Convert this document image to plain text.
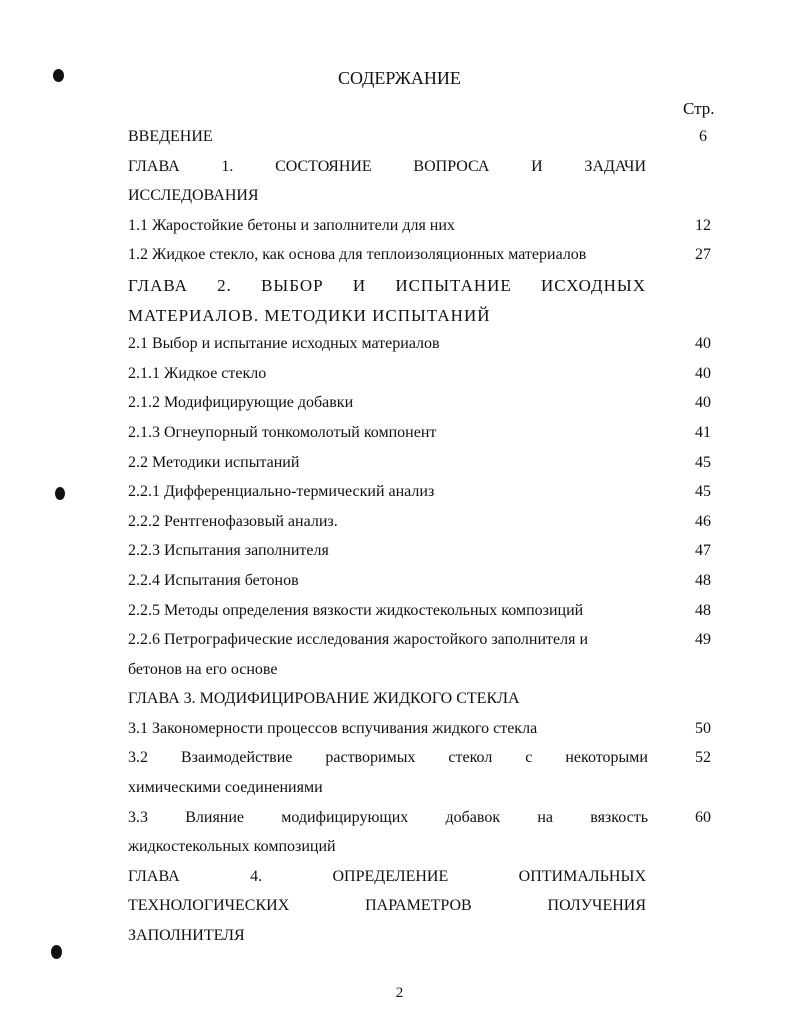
СОДЕРЖАНИЕ
Стр.
ВВЕДЕНИЕ	6
ГЛАВА 1. СОСТОЯНИЕ ВОПРОСА И ЗАДАЧИ
ИССЛЕДОВАНИЯ
1.1 Жаростойкие бетоны и заполнители для них	12
1.2 Жидкое стекло, как основа для теплоизоляционных материалов	27
ГЛАВА 2. ВЫБОР И ИСПЫТАНИЕ ИСХОДНЫХ
МАТЕРИАЛОВ. МЕТОДИКИ ИСПЫТАНИЙ
2.1 Выбор и испытание исходных материалов	40
2.1.1 Жидкое стекло	40
2.1.2 Модифицирующие добавки	40
2.1.3 Огнеупорный тонкомолотый компонент	41
2.2 Методики испытаний	45
2.2.1 Дифференциально-термический анализ	45
2.2.2 Рентгенофазовый анализ.	46
2.2.3 Испытания заполнителя	47
2.2.4 Испытания бетонов	48
2.2.5 Методы определения вязкости жидкостекольных композиций	48
2.2.6 Петрографические исследования жаростойкого заполнителя и	49
бетонов на его основе
ГЛАВА 3. МОДИФИЦИРОВАНИЕ ЖИДКОГО СТЕКЛА
3.1 Закономерности процессов вспучивания жидкого стекла	50
3.2 Взаимодействие растворимых стекол с некоторыми	52
химическими соединениями
3.3 Влияние модифицирующих добавок на вязкость	60
жидкостекольных композиций
ГЛАВА 4. ОПРЕДЕЛЕНИЕ ОПТИМАЛЬНЫХ
ТЕХНОЛОГИЧЕСКИХ ПАРАМЕТРОВ ПОЛУЧЕНИЯ
ЗАПОЛНИТЕЛЯ
2
